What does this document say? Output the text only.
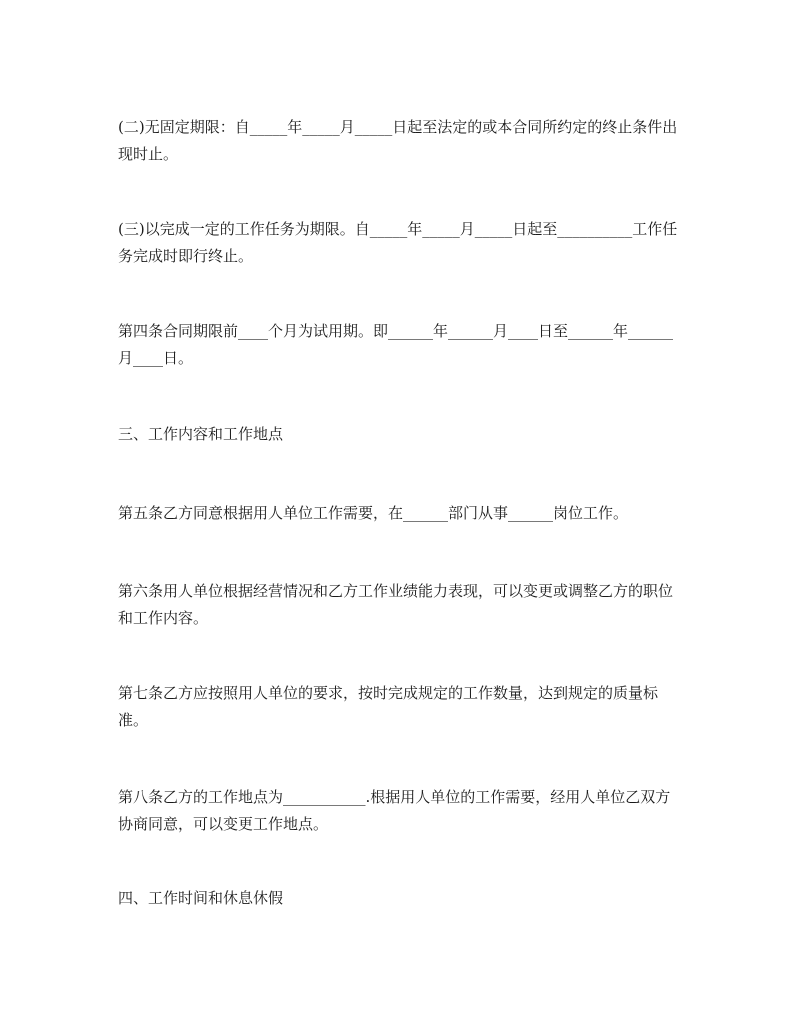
(二)无固定期限：自_____年_____月_____日起至法定的或本合同所约定的终止条件出现时止。

(三)以完成一定的工作任务为期限。自_____年_____月_____日起至__________工作任务完成时即行终止。

第四条合同期限前____个月为试用期。即______年______月____日至______年______月____日。

三、工作内容和工作地点

第五条乙方同意根据用人单位工作需要，在______部门从事______岗位工作。

第六条用人单位根据经营情况和乙方工作业绩能力表现，可以变更或调整乙方的职位和工作内容。

第七条乙方应按照用人单位的要求，按时完成规定的工作数量，达到规定的质量标准。

第八条乙方的工作地点为___________.根据用人单位的工作需要，经用人单位乙双方协商同意，可以变更工作地点。

四、工作时间和休息休假
